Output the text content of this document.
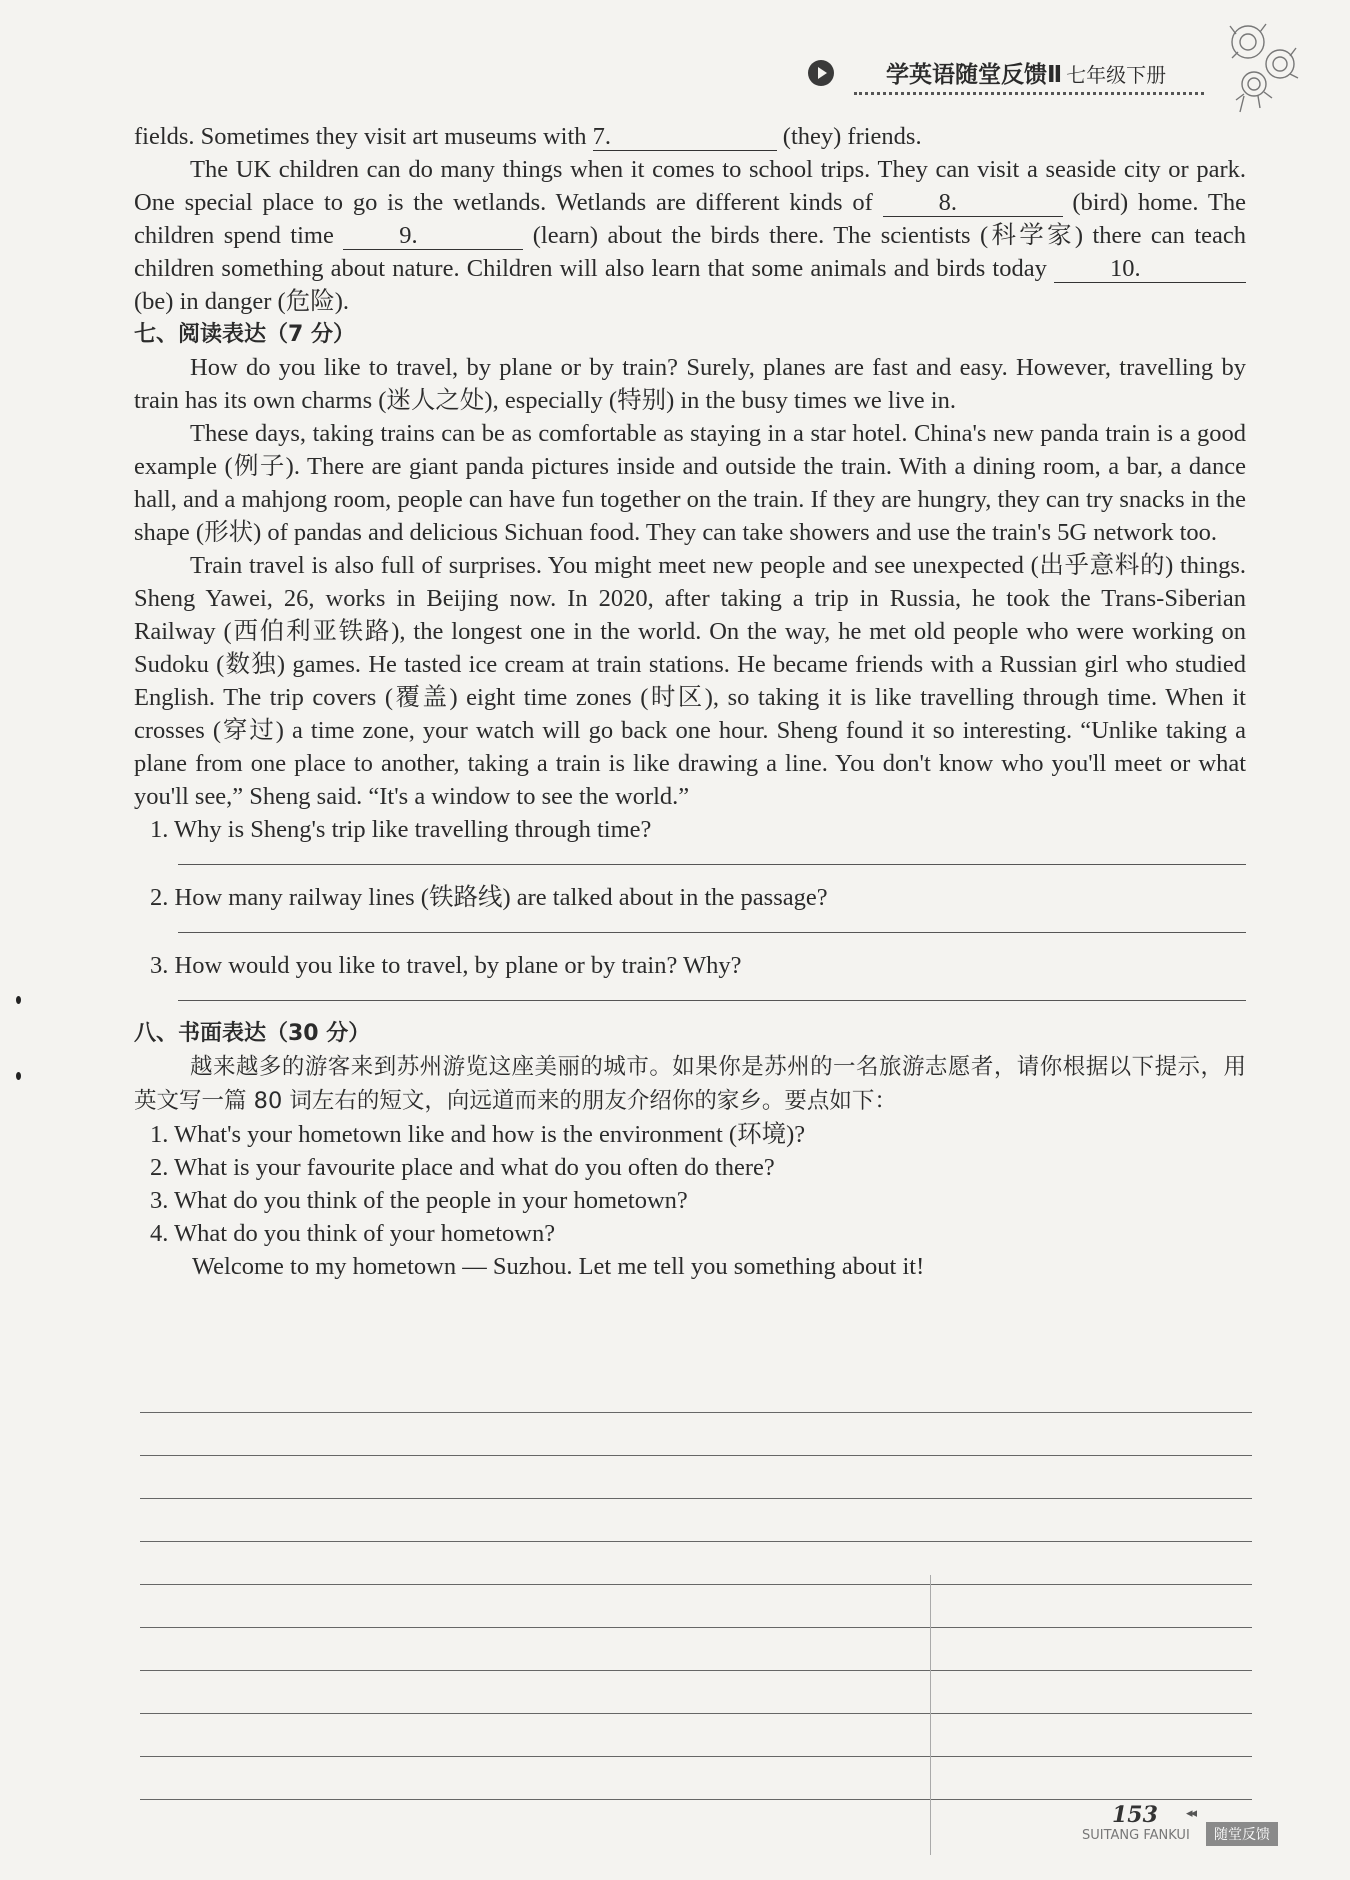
学英语随堂反馈Ⅱ 七年级下册

fields. Sometimes they visit art museums with 7.	(they) friends.

The UK children can do many things when it comes to school trips. They can visit a seaside city or park. One special place to go is the wetlands. Wetlands are different kinds of 8.	(bird) home. The children spend time 9.	(learn) about the birds there. The scientists (科学家) there can teach children something about nature. Children will also learn that some animals and birds today 10. (be) in danger (危险).

七、阅读表达（7 分）

How do you like to travel, by plane or by train? Surely, planes are fast and easy. However, travelling by train has its own charms (迷人之处), especially (特别) in the busy times we live in.

These days, taking trains can be as comfortable as staying in a star hotel. China's new panda train is a good example (例子). There are giant panda pictures inside and outside the train. With a dining room, a bar, a dance hall, and a mahjong room, people can have fun together on the train. If they are hungry, they can try snacks in the shape (形状) of pandas and delicious Sichuan food. They can take showers and use the train's 5G network too.

Train travel is also full of surprises. You might meet new people and see unexpected (出乎意料的) things. Sheng Yawei, 26, works in Beijing now. In 2020, after taking a trip in Russia, he took the Trans-Siberian Railway (西伯利亚铁路), the longest one in the world. On the way, he met old people who were working on Sudoku (数独) games. He tasted ice cream at train stations. He became friends with a Russian girl who studied English. The trip covers (覆盖) eight time zones (时区), so taking it is like travelling through time. When it crosses (穿过) a time zone, your watch will go back one hour. Sheng found it so interesting. “Unlike taking a plane from one place to another, taking a train is like drawing a line. You don't know who you'll meet or what you'll see,” Sheng said. “It's a window to see the world.”

1. Why is Sheng's trip like travelling through time?

2. How many railway lines (铁路线) are talked about in the passage?

3. How would you like to travel, by plane or by train? Why?

八、书面表达（30 分）

越来越多的游客来到苏州游览这座美丽的城市。如果你是苏州的一名旅游志愿者，请你根据以下提示，用英文写一篇 80 词左右的短文，向远道而来的朋友介绍你的家乡。要点如下：

1. What's your hometown like and how is the environment (环境)?

2. What is your favourite place and what do you often do there?

3. What do you think of the people in your hometown?

4. What do you think of your hometown?

Welcome to my hometown — Suzhou. Let me tell you something about it!

153 ◂◂
SUITANG FANKUI	随堂反馈
